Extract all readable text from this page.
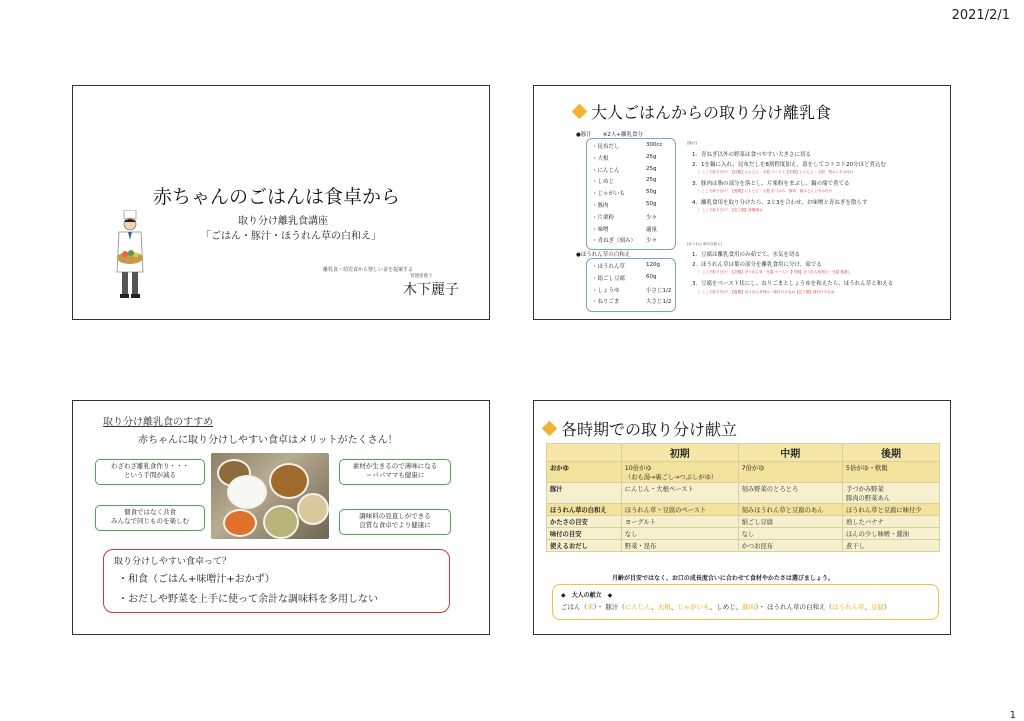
2021/2/1
赤ちゃんのごはんは食卓から
取り分け離乳食講座
「ごはん・豚汁・ほうれん草の白和え」
離乳食・幼児食から楽しい食を提案する
管理栄養士
木下麗子
大人ごはんからの取り分け離乳食
●豚汁　　※2人+離乳食分
・昆布だし	300cc
・大根	25g
・にんじん	25g
・しめじ	25g
・じゃがいも	50g
・豚肉	50g
・片栗粉	少々
・味噌	適量
・青ねぎ（刻み） 少々
●ほうれん草の白和え
・ほうれん草	120g
・絹ごし豆腐	60g
・しょうゆ	小さじ1/2
・ねりごま	大さじ1/2
(豚汁)
1．青ねぎ以外の野菜は食べやすい大きさに切る
2．1を鍋に入れ、昆布だしを8割程度加え、蓋をしてコトコト20分ほど煮込む
！ここで取り分け！【初期】にんじん・大根 ペースト【中期】にんじん・大根　刻みとろみ付け
3．豚肉は脂の部分を落とし、片栗粉をまぶし、鍋の端で煮てる
！ここで取り分け！【後期】にんじん・大根 手づかみ　豚肉　極みじんとろみ付け
4．離乳食用を取り分けたら、2と3を合わせ、お味噌と青ねぎを散らす
！ここで取り分け！【完了期】味噌薄め
(ほうれん草の白和え)
1．豆腐は離乳食用のみ茹でて、水気を切る
2．ほうれん草は葉の部分を離乳食用に分け、茹でる
！ここで取り分け！【初期】ほうれん草・豆腐 ペースト【中期】ほうれん草刻む・豆腐 粗潰し
3．豆腐をペースト状にし、ねりごまとしょうゆを和えたら、ほうれん草と和える
！ここで取り分け！【後期】ほうれん草刻み・味付け少なめ【完了期】味付け少なめ
取り分け離乳食のすすめ
赤ちゃんに取り分けしやすい食卓はメリットがたくさん！
わざわざ離乳食作り・・・
という手間が減る
個食ではなく共食
みんなで同じものを楽しむ
素材が生きるので薄味になる
＝パパママも健康に
調味料の見直しができる
良質な食卓でより健康に
取り分けしやすい食卓って？
・和食（ごはん+味噌汁+おかず）
・おだしや野菜を上手に使って余計な調味料を多用しない
各時期での取り分け献立
	初期	中期	後期
おかゆ	10倍がゆ
（おも湯→裏ごし→つぶしがゆ）	7倍がゆ	5倍がゆ・軟飯
豚汁	にんじん・大根ペースト	刻み野菜のとろとろ	手づかみ野菜
豚肉の野菜あん
ほうれん草の白和え	ほうれん草・豆腐のペースト	刻みほうれん草と豆腐のあん	ほうれん草と豆腐に味付少
かたさの目安	ヨーグルト	絹ごし豆腐	熟したバナナ
味付の目安	なし	なし	ほんの少し味噌・醤油
使えるおだし	野菜・昆布	かつお昆布	煮干し
月齢が目安ではなく、お口の成長度合いに合わせて食材やかたさは選びましょう。
◆　大人の献立　◆
ごはん（米）・ 豚汁（にんじん、大根、じゃがいも、しめじ、豚肉）・ ほうれん草の白和え（ほうれん草、豆腐）
1
